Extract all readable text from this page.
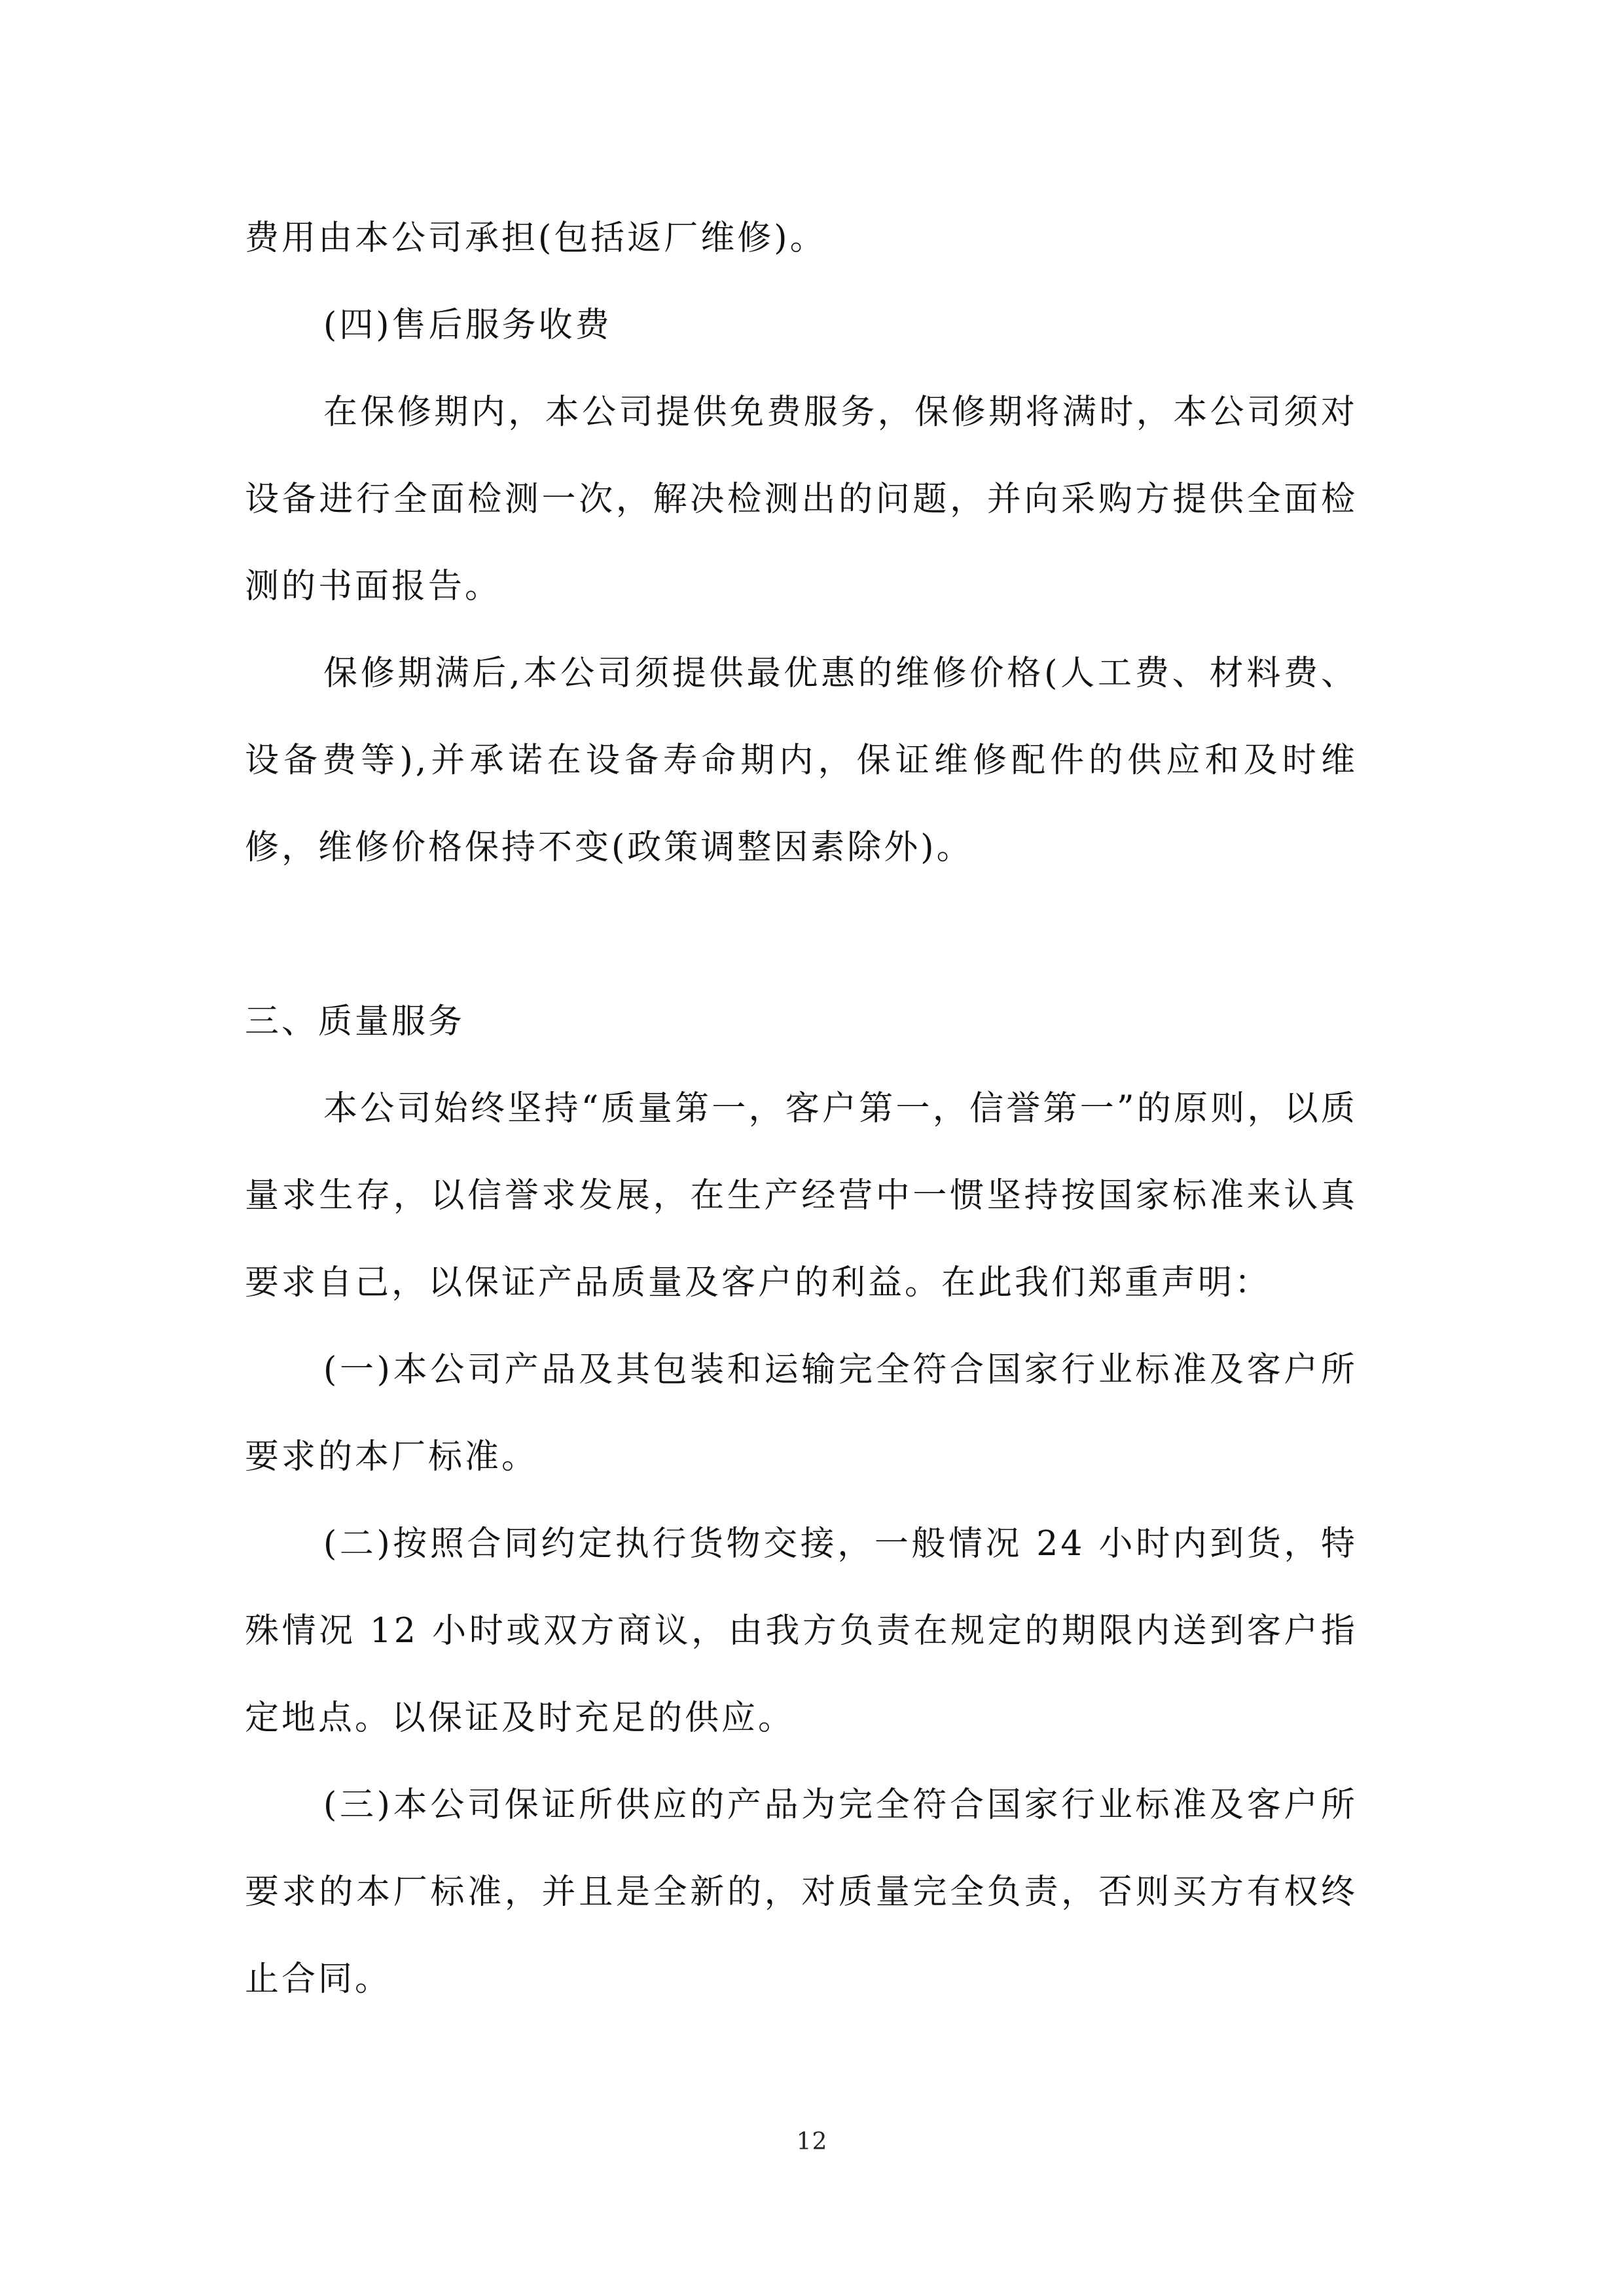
费用由本公司承担(包括返厂维修)。

(四)售后服务收费

在保修期内，本公司提供免费服务，保修期将满时，本公司须对设备进行全面检测一次，解决检测出的问题，并向采购方提供全面检测的书面报告。

保修期满后,本公司须提供最优惠的维修价格(人工费、材料费、设备费等),并承诺在设备寿命期内，保证维修配件的供应和及时维修，维修价格保持不变(政策调整因素除外)。

三、质量服务

本公司始终坚持“质量第一，客户第一，信誉第一”的原则，以质量求生存，以信誉求发展，在生产经营中一惯坚持按国家标准来认真要求自己，以保证产品质量及客户的利益。在此我们郑重声明：

(一)本公司产品及其包装和运输完全符合国家行业标准及客户所要求的本厂标准。

(二)按照合同约定执行货物交接，一般情况 24 小时内到货，特殊情况 12 小时或双方商议，由我方负责在规定的期限内送到客户指定地点。以保证及时充足的供应。

(三)本公司保证所供应的产品为完全符合国家行业标准及客户所要求的本厂标准，并且是全新的，对质量完全负责，否则买方有权终止合同。

12
